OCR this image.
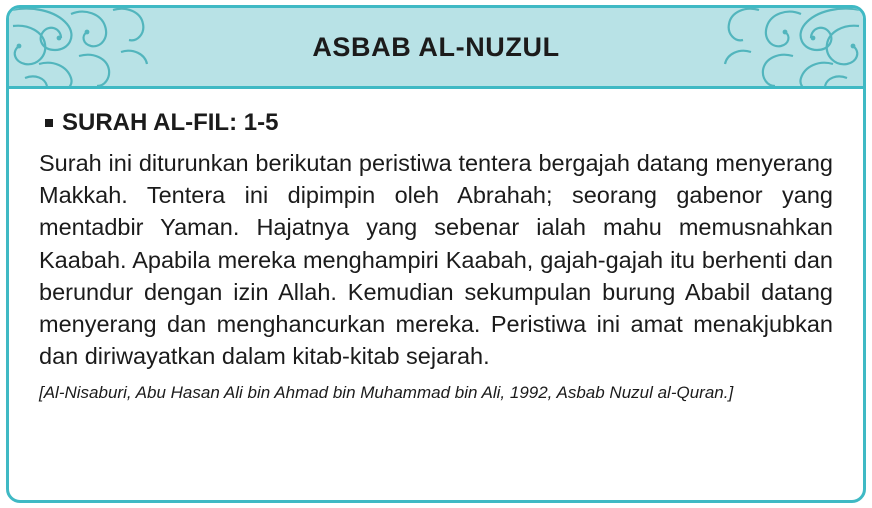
ASBAB AL-NUZUL
SURAH AL-FIL: 1-5

Surah ini diturunkan berikutan peristiwa tentera bergajah datang menyerang Makkah. Tentera ini dipimpin oleh Abrahah; seorang gabenor yang mentadbir Yaman. Hajatnya yang sebenar ialah mahu memusnahkan Kaabah. Apabila mereka menghampiri Kaabah, gajah-gajah itu berhenti dan berundur dengan izin Allah. Kemudian sekumpulan burung Ababil datang menyerang dan menghancurkan mereka. Peristiwa ini amat menakjubkan dan diriwayatkan dalam kitab-kitab sejarah.

[Al-Nisaburi, Abu Hasan Ali bin Ahmad bin Muhammad bin Ali, 1992, Asbab Nuzul al-Quran.]
